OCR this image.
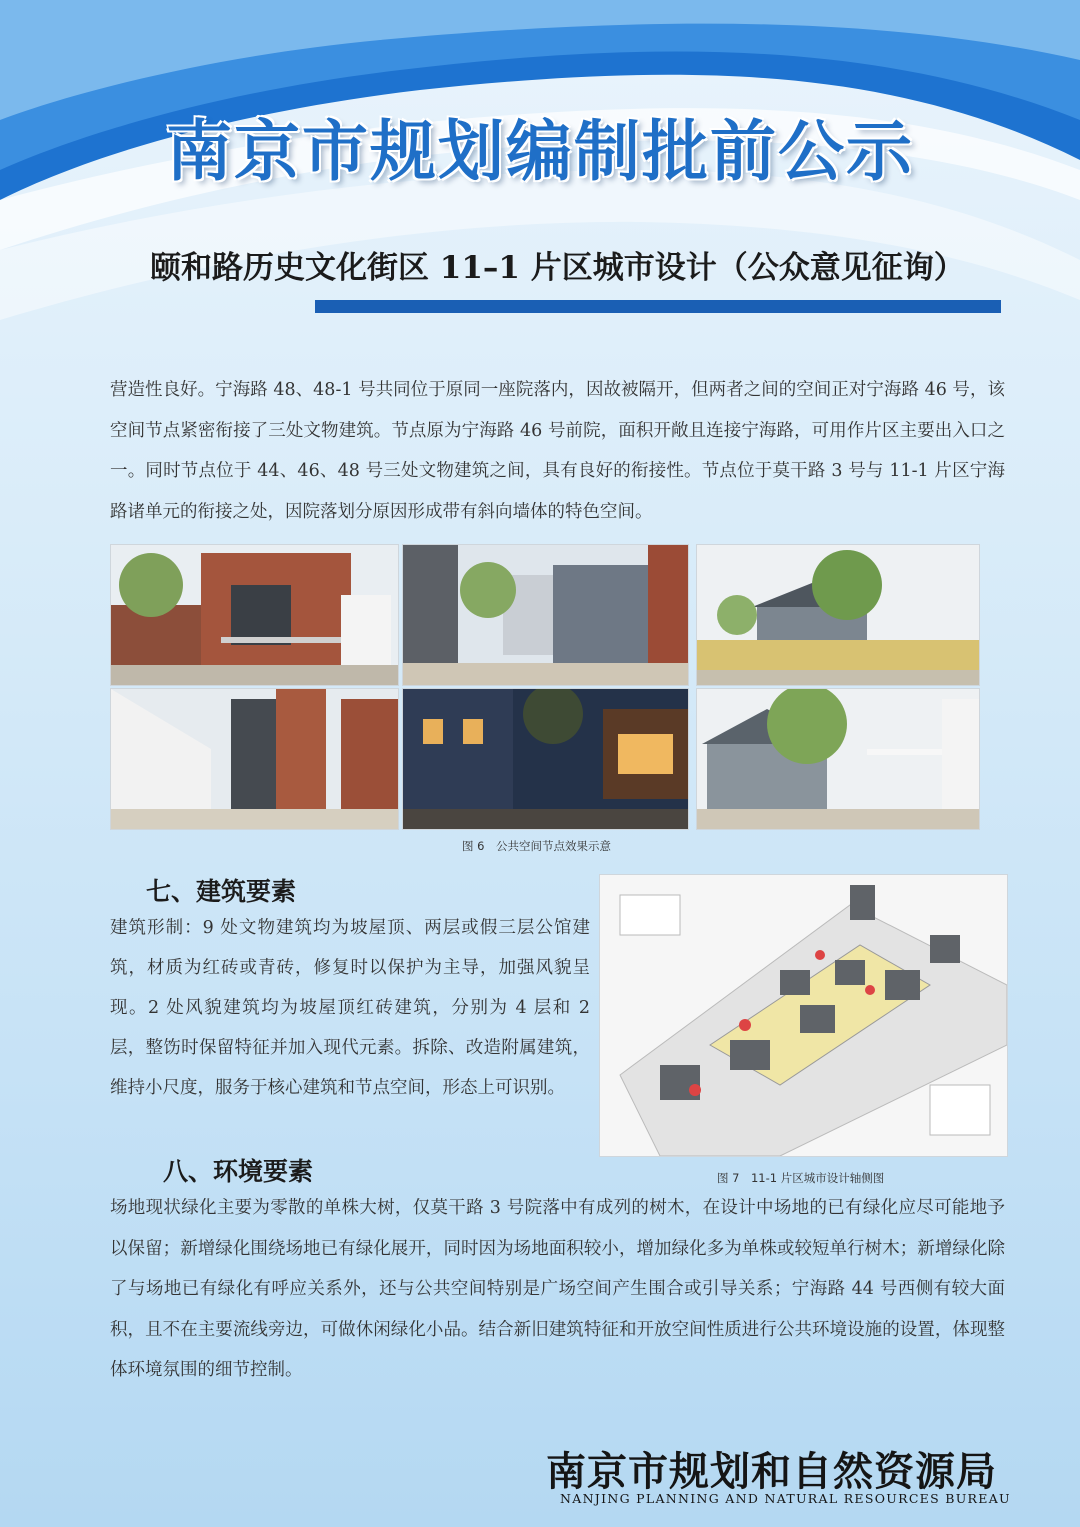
南京市规划编制批前公示
颐和路历史文化街区 11–1 片区城市设计（公众意见征询）

营造性良好。宁海路 48、48-1 号共同位于原同一座院落内，因故被隔开，但两者之间的空间正对宁海路 46 号，该空间节点紧密衔接了三处文物建筑。节点原为宁海路 46 号前院，面积开敞且连接宁海路，可用作片区主要出入口之一。同时节点位于 44、46、48 号三处文物建筑之间，具有良好的衔接性。节点位于莫干路 3 号与 11-1 片区宁海路诸单元的衔接之处，因院落划分原因形成带有斜向墙体的特色空间。

图 6　公共空间节点效果示意
七、建筑要素

建筑形制：9 处文物建筑均为坡屋顶、两层或假三层公馆建筑，材质为红砖或青砖，修复时以保护为主导，加强风貌呈现。2 处风貌建筑均为坡屋顶红砖建筑，分别为 4 层和 2 层，整饬时保留特征并加入现代元素。拆除、改造附属建筑，维持小尺度，服务于核心建筑和节点空间，形态上可识别。

图 7　11-1 片区城市设计轴侧图
八、环境要素

场地现状绿化主要为零散的单株大树，仅莫干路 3 号院落中有成列的树木，在设计中场地的已有绿化应尽可能地予以保留；新增绿化围绕场地已有绿化展开，同时因为场地面积较小，增加绿化多为单株或较短单行树木；新增绿化除了与场地已有绿化有呼应关系外，还与公共空间特别是广场空间产生围合或引导关系；宁海路 44 号西侧有较大面积，且不在主要流线旁边，可做休闲绿化小品。结合新旧建筑特征和开放空间性质进行公共环境设施的设置，体现整体环境氛围的细节控制。

南京市规划和自然资源局
NANJING PLANNING AND NATURAL RESOURCES BUREAU
